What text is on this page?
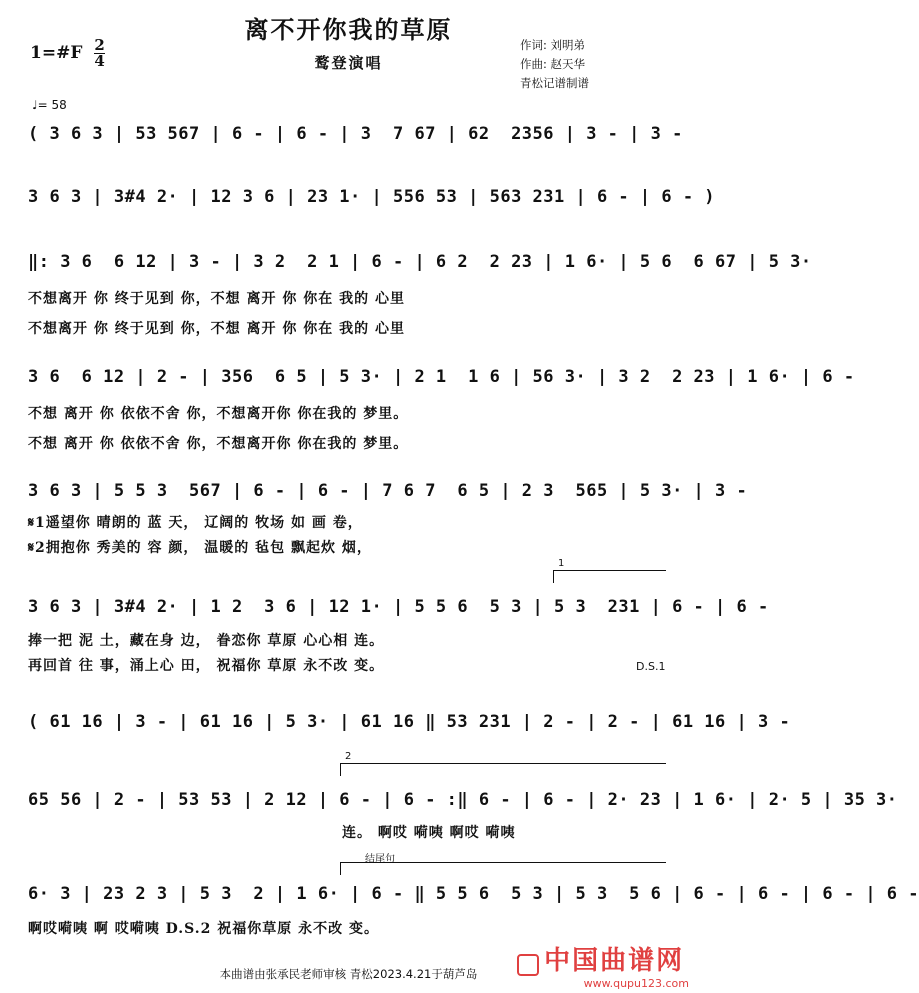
离不开你我的草原
鹜登演唱
1=#F $\frac{2}{4}$	作词: 刘明弟
作曲: 赵天华
青松记谱制谱
♩= 58
( 3 6 3 | 53 567 | 6 - | 6 - | 3  7 67 | 62  2356 | 3 - | 3 -
3 6 3 | 3#4 2· | 12 3 6 | 23 1· | 556 53 | 563 231 | 6 - | 6 - )
‖: 3 6  6 12 | 3 - | 3 2  2 1 | 6 - | 6 2  2 23 | 1 6· | 5 6  6 67 | 5 3·
不想离开 你 终于见到 你，不想 离开 你 你在 我的 心里
不想离开 你 终于见到 你，不想 离开 你 你在 我的 心里
3 6  6 12 | 2 - | 356  6 5 | 5 3· | 2 1  1 6 | 56 3· | 3 2  2 23 | 1 6· | 6 -
不想 离开 你 依依不舍 你，不想离开你 你在我的 梦里。
不想 离开 你 依依不舍 你，不想离开你 你在我的 梦里。
3 6 3 | 5 5 3  567 | 6 - | 6 - | 7 6 7  6 5 | 2 3  565 | 5 3· | 3 -
𝄋1遥望你 晴朗的 蓝 天， 辽阔的 牧场 如 画 卷，
𝄋2拥抱你 秀美的 容 颜， 温暖的 毡包 飘起炊 烟，
1
3 6 3 | 3#4 2· | 1 2  3 6 | 12 1· | 5 5 6  5 3 | 5 3  231 | 6 - | 6 -
捧一把 泥 土，藏在身 边， 眷恋你 草原 心心相 连。
再回首 往 事，涌上心 田， 祝福你 草原 永不改 变。	D.S.1
( 61 16 | 3 - | 61 16 | 5 3· | 61 16 ‖ 53 231 | 2 - | 2 - | 61 16 | 3 -
2
65 56 | 2 - | 53 53 | 2 12 | 6 - | 6 - :‖ 6 - | 6 - | 2· 23 | 1 6· | 2· 5 | 35 3·
连。 啊哎 嗬咦 啊哎 嗬咦
结尾句
6· 3 | 23 2 3 | 5 3  2 | 1 6· | 6 - ‖ 5 5 6  5 3 | 5 3  5 6 | 6 - | 6 - | 6 - | 6 -
啊哎嗬咦 啊 哎嗬咦 D.S.2 祝福你草原 永不改 变。
本曲谱由张承民老师审核 青松2023.4.21于葫芦岛	中国曲谱网
www.qupu123.com
